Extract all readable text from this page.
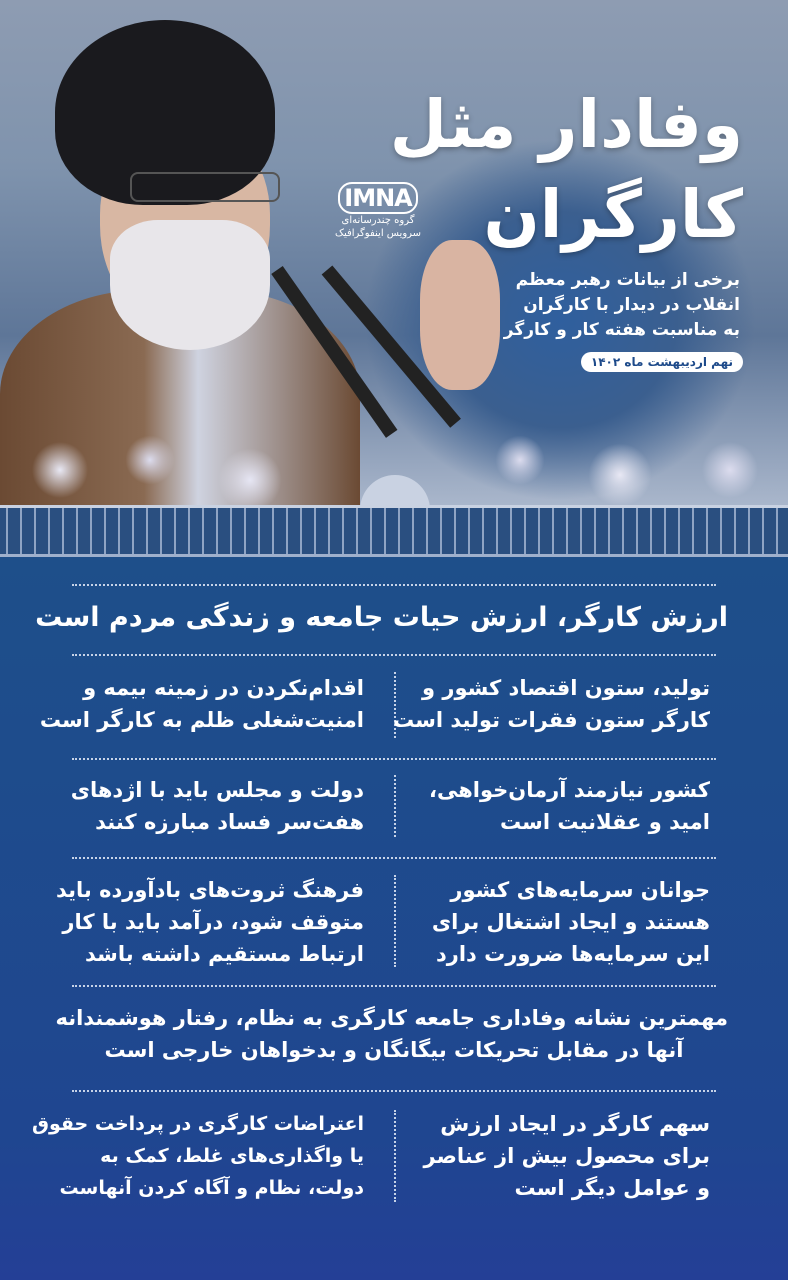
وفادار مثل
کارگران
IMNA
گروه چندرسانه‌ای
سرویس اینفوگرافیک
برخی از بیانات رهبر معظم
انقلاب در دیدار با کارگران
به مناسبت هفته کار و کارگر
نهم اردیبهشت ماه ۱۴۰۲
ارزش کارگر، ارزش حیات جامعه و زندگی مردم است
تولید، ستون اقتصاد کشور و
کارگر ستون فقرات تولید است
اقدام‌نکردن در زمینه بیمه و
امنیت‌شغلی ظلم به کارگر است
کشور نیازمند آرمان‌خواهی،
امید و عقلانیت است
دولت و مجلس باید با اژدهای
هفت‌سر فساد مبارزه کنند
جوانان سرمایه‌های کشور
هستند و ایجاد اشتغال برای
این سرمایه‌ها ضرورت دارد
فرهنگ ثروت‌های بادآورده باید
متوقف شود، درآمد باید با کار
ارتباط مستقیم داشته باشد
مهمترین نشانه وفاداری جامعه کارگری به نظام، رفتار هوشمندانه
آنها در مقابل تحریکات بیگانگان و بدخواهان خارجی است
سهم کارگر در ایجاد ارزش
برای محصول بیش از عناصر
و عوامل دیگر است
اعتراضات کارگری در پرداخت حقوق
یا واگذاری‌های غلط، کمک به
دولت، نظام و آگاه کردن آنهاست
